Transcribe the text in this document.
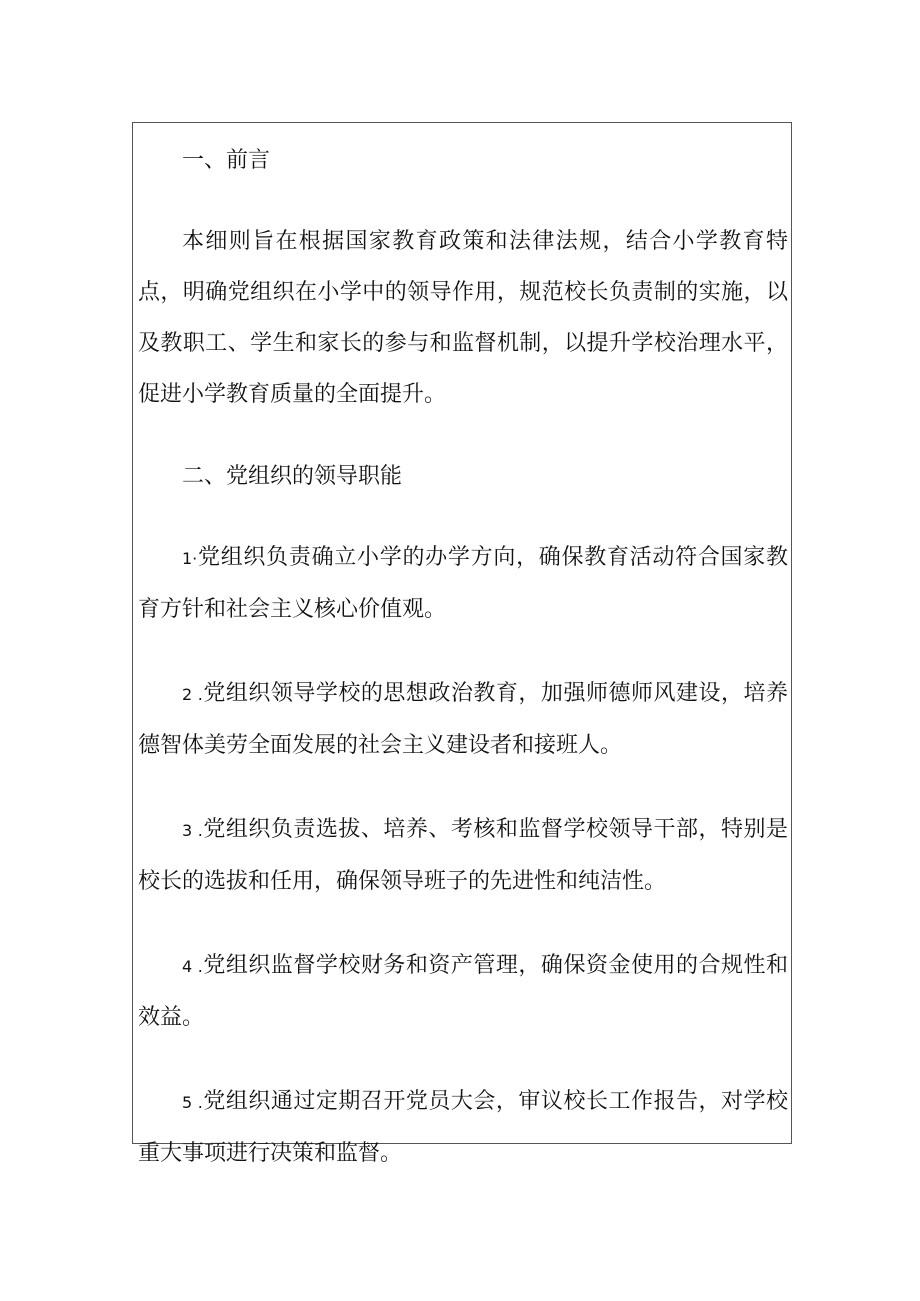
一、前言

本细则旨在根据国家教育政策和法律法规，结合小学教育特点，明确党组织在小学中的领导作用，规范校长负责制的实施，以及教职工、学生和家长的参与和监督机制，以提升学校治理水平，促进小学教育质量的全面提升。

二、党组织的领导职能

1·党组织负责确立小学的办学方向，确保教育活动符合国家教育方针和社会主义核心价值观。

2 .党组织领导学校的思想政治教育，加强师德师风建设，培养德智体美劳全面发展的社会主义建设者和接班人。

3 .党组织负责选拔、培养、考核和监督学校领导干部，特别是校长的选拔和任用，确保领导班子的先进性和纯洁性。

4 .党组织监督学校财务和资产管理，确保资金使用的合规性和效益。

5 .党组织通过定期召开党员大会，审议校长工作报告，对学校重大事项进行决策和监督。
